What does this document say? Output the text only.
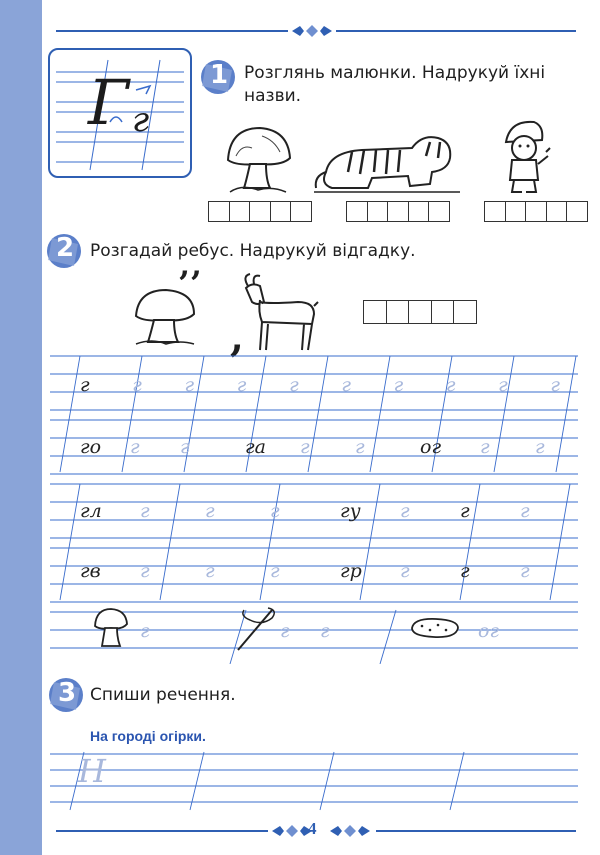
Г г
1 Розглянь малюнки. Надрукуй їхні назви.
2 Розгадай ребус. Надрукуй відгадку.
’’
,
г г г г г г г г г г
го г г	га г г	ог г г
гл г	г	г	гу г	г	г
гв г	г	г	гр г	г	г
г	г г	ог
3 Спиши речення.
На городі огірки.
Н
4
